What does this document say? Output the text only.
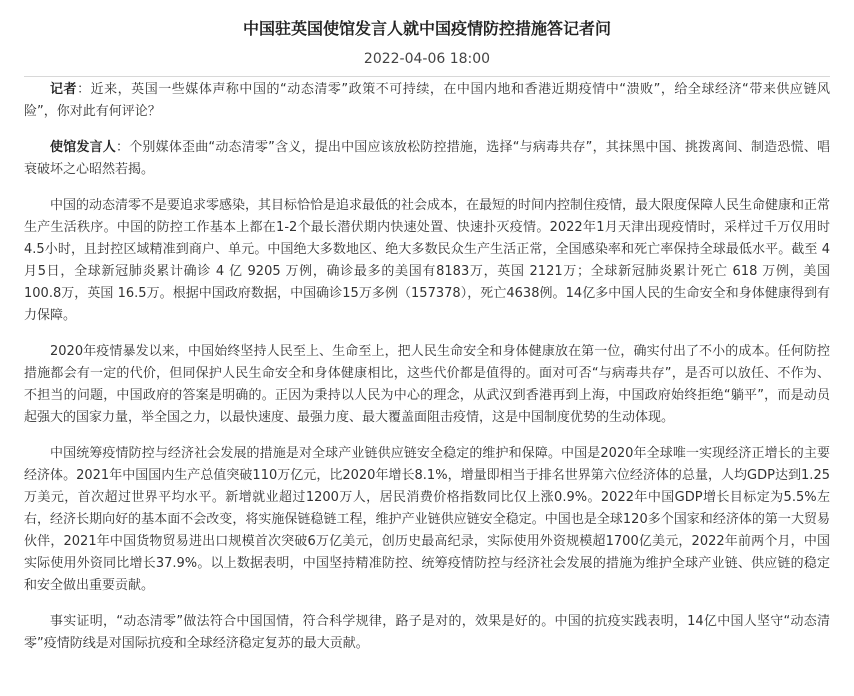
中国驻英国使馆发言人就中国疫情防控措施答记者问
2022-04-06 18:00

记者：近来，英国一些媒体声称中国的“动态清零”政策不可持续，在中国内地和香港近期疫情中“溃败”，给全球经济“带来供应链风险”，你对此有何评论？

使馆发言人：个别媒体歪曲“动态清零”含义，提出中国应该放松防控措施，选择“与病毒共存”，其抹黑中国、挑拨离间、制造恐慌、唱衰破坏之心昭然若揭。

中国的动态清零不是要追求零感染，其目标恰恰是追求最低的社会成本，在最短的时间内控制住疫情，最大限度保障人民生命健康和正常生产生活秩序。中国的防控工作基本上都在1-2个最长潜伏期内快速处置、快速扑灭疫情。2022年1月天津出现疫情时，采样过千万仅用时4.5小时，且封控区域精准到商户、单元。中国绝大多数地区、绝大多数民众生产生活正常，全国感染率和死亡率保持全球最低水平。截至 4月5日，全球新冠肺炎累计确诊 4 亿 9205 万例，确诊最多的美国有8183万，英国 2121万；全球新冠肺炎累计死亡 618 万例，美国 100.8万，英国 16.5万。根据中国政府数据，中国确诊15万多例（157378），死亡4638例。14亿多中国人民的生命安全和身体健康得到有力保障。

2020年疫情暴发以来，中国始终坚持人民至上、生命至上，把人民生命安全和身体健康放在第一位，确实付出了不小的成本。任何防控措施都会有一定的代价，但同保护人民生命安全和身体健康相比，这些代价都是值得的。面对可否“与病毒共存”，是否可以放任、不作为、不担当的问题，中国政府的答案是明确的。正因为秉持以人民为中心的理念，从武汉到香港再到上海，中国政府始终拒绝“躺平”，而是动员起强大的国家力量，举全国之力，以最快速度、最强力度、最大覆盖面阻击疫情，这是中国制度优势的生动体现。

中国统筹疫情防控与经济社会发展的措施是对全球产业链供应链安全稳定的维护和保障。中国是2020年全球唯一实现经济正增长的主要经济体。2021年中国国内生产总值突破110万亿元，比2020年增长8.1%，增量即相当于排名世界第六位经济体的总量，人均GDP达到1.25万美元，首次超过世界平均水平。新增就业超过1200万人，居民消费价格指数同比仅上涨0.9%。2022年中国GDP增长目标定为5.5%左右，经济长期向好的基本面不会改变，将实施保链稳链工程，维护产业链供应链安全稳定。中国也是全球120多个国家和经济体的第一大贸易伙伴，2021年中国货物贸易进出口规模首次突破6万亿美元，创历史最高纪录，实际使用外资规模超1700亿美元，2022年前两个月，中国实际使用外资同比增长37.9%。以上数据表明，中国坚持精准防控、统筹疫情防控与经济社会发展的措施为维护全球产业链、供应链的稳定和安全做出重要贡献。

事实证明，“动态清零”做法符合中国国情，符合科学规律，路子是对的，效果是好的。中国的抗疫实践表明，14亿中国人坚守“动态清零”疫情防线是对国际抗疫和全球经济稳定复苏的最大贡献。
